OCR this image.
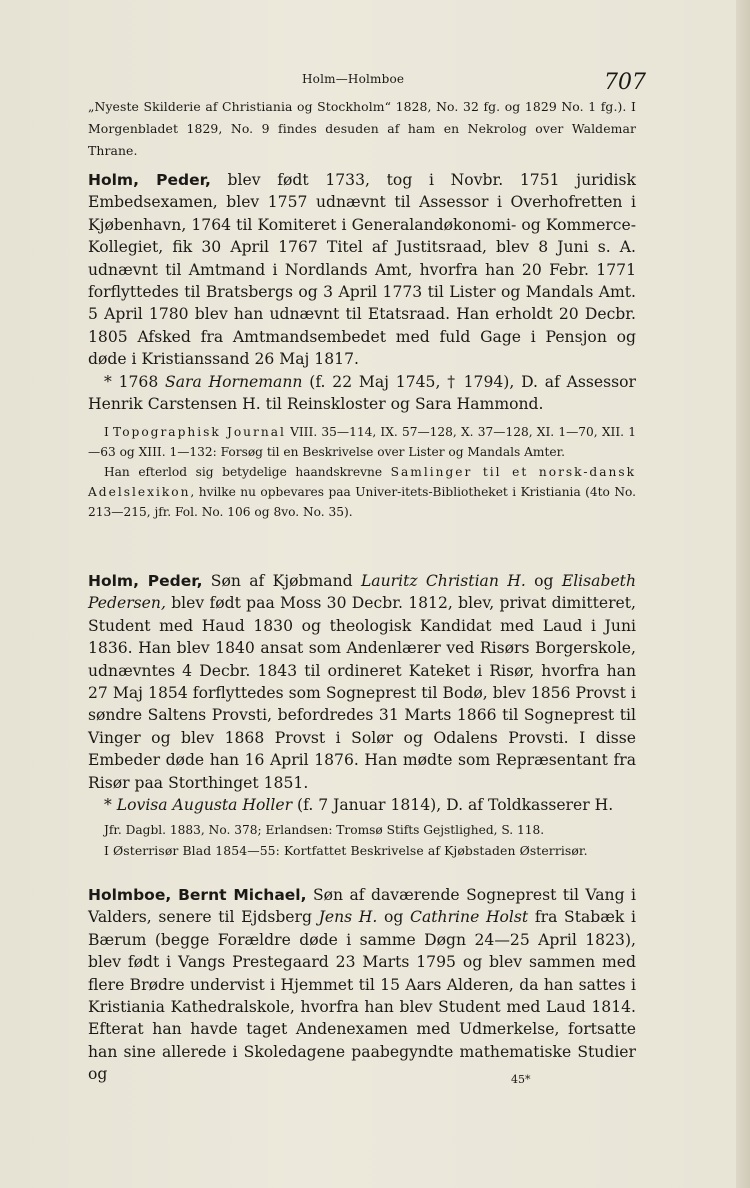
Holm—Holmboe	707

„Nyeste Skilderie af Christiania og Stockholm“ 1828, No. 32 fg. og 1829 No. 1 fg.). I Morgenbladet 1829, No. 9 findes desuden af ham en Nekrolog over Waldemar Thrane.

Holm, Peder, blev født 1733, tog i Novbr. 1751 juridisk Embedsexamen, blev 1757 udnævnt til Assessor i Overhofretten i Kjøbenhavn, 1764 til Komiteret i Generalandøkonomi- og Kommerce-Kollegiet, fik 30 April 1767 Titel af Justitsraad, blev 8 Juni s. A. udnævnt til Amtmand i Nordlands Amt, hvorfra han 20 Febr. 1771 forflyttedes til Bratsbergs og 3 April 1773 til Lister og Mandals Amt. 5 April 1780 blev han udnævnt til Etatsraad. Han erholdt 20 Decbr. 1805 Afsked fra Amtmandsembedet med fuld Gage i Pensjon og døde i Kristianssand 26 Maj 1817.

* 1768 Sara Hornemann (f. 22 Maj 1745, † 1794), D. af Assessor Henrik Carstensen H. til Reinskloster og Sara Hammond.

I Topographisk Journal VIII. 35—114, IX. 57—128, X. 37—128, XI. 1—70, XII. 1—63 og XIII. 1—132: Forsøg til en Beskrivelse over Lister og Mandals Amter.

Han efterlod sig betydelige haandskrevne Samlinger til et norsk-dansk Adelslexikon, hvilke nu opbevares paa Univer-itets-Bibliotheket i Kristiania (4to No. 213—215, jfr. Fol. No. 106 og 8vo. No. 35).

Holm, Peder, Søn af Kjøbmand Lauritz Christian H. og Elisabeth Pedersen, blev født paa Moss 30 Decbr. 1812, blev, privat dimitteret, Student med Haud 1830 og theologisk Kandidat med Laud i Juni 1836. Han blev 1840 ansat som Andenlærer ved Risørs Borgerskole, udnævntes 4 Decbr. 1843 til ordineret Kateket i Risør, hvorfra han 27 Maj 1854 forflyttedes som Sogneprest til Bodø, blev 1856 Provst i søndre Saltens Provsti, befordredes 31 Marts 1866 til Sogneprest til Vinger og blev 1868 Provst i Solør og Odalens Provsti. I disse Embeder døde han 16 April 1876. Han mødte som Repræsentant fra Risør paa Storthinget 1851.

* Lovisa Augusta Holler (f. 7 Januar 1814), D. af Toldkasserer H.

Jfr. Dagbl. 1883, No. 378; Erlandsen: Tromsø Stifts Gejstlighed, S. 118.

I Østerrisør Blad 1854—55: Kortfattet Beskrivelse af Kjøbstaden Østerrisør.

Holmboe, Bernt Michael, Søn af daværende Sogneprest til Vang i Valders, senere til Ejdsberg Jens H. og Cathrine Holst fra Stabæk i Bærum (begge Forældre døde i samme Døgn 24—25 April 1823), blev født i Vangs Prestegaard 23 Marts 1795 og blev sammen med flere Brødre undervist i Hjemmet til 15 Aars Alderen, da han sattes i Kristiania Kathedralskole, hvorfra han blev Student med Laud 1814. Efterat han havde taget Andenexamen med Udmerkelse, fortsatte han sine allerede i Skoledagene paabegyndte mathematiske Studier og	45*
